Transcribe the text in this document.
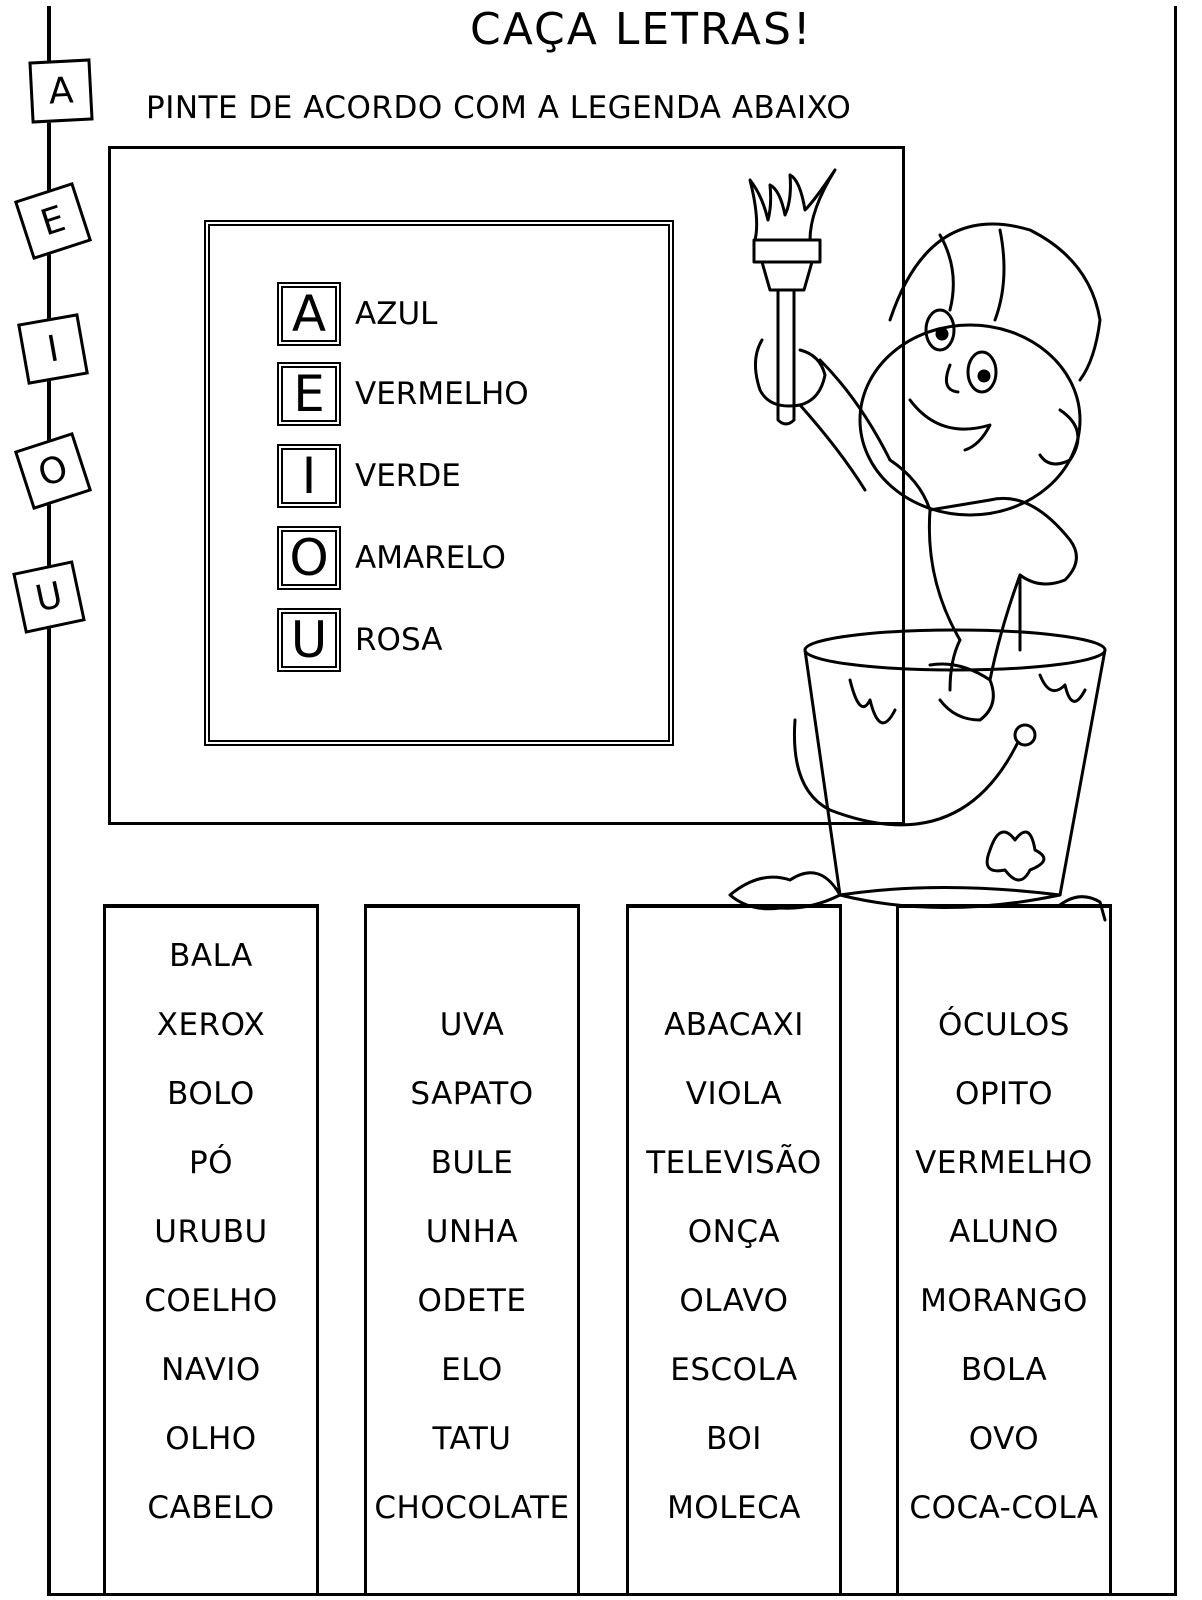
CAÇA LETRAS!
PINTE DE ACORDO COM A LEGENDA ABAIXO
A
E
I
O
U
A AZUL
E VERMELHO
I	VERDE
O AMARELO
U ROSA
BALA
XEROX
BOLO
PÓ
URUBU
COELHO
NAVIO
OLHO
CABELO
UVA
SAPATO
BULE
UNHA
ODETE
ELO
TATU
CHOCOLATE
ABACAXI
VIOLA
TELEVISÃO
ONÇA
OLAVO
ESCOLA
BOI
MOLECA
ÓCULOS
OPITO
VERMELHO
ALUNO
MORANGO
BOLA
OVO
COCA-COLA
